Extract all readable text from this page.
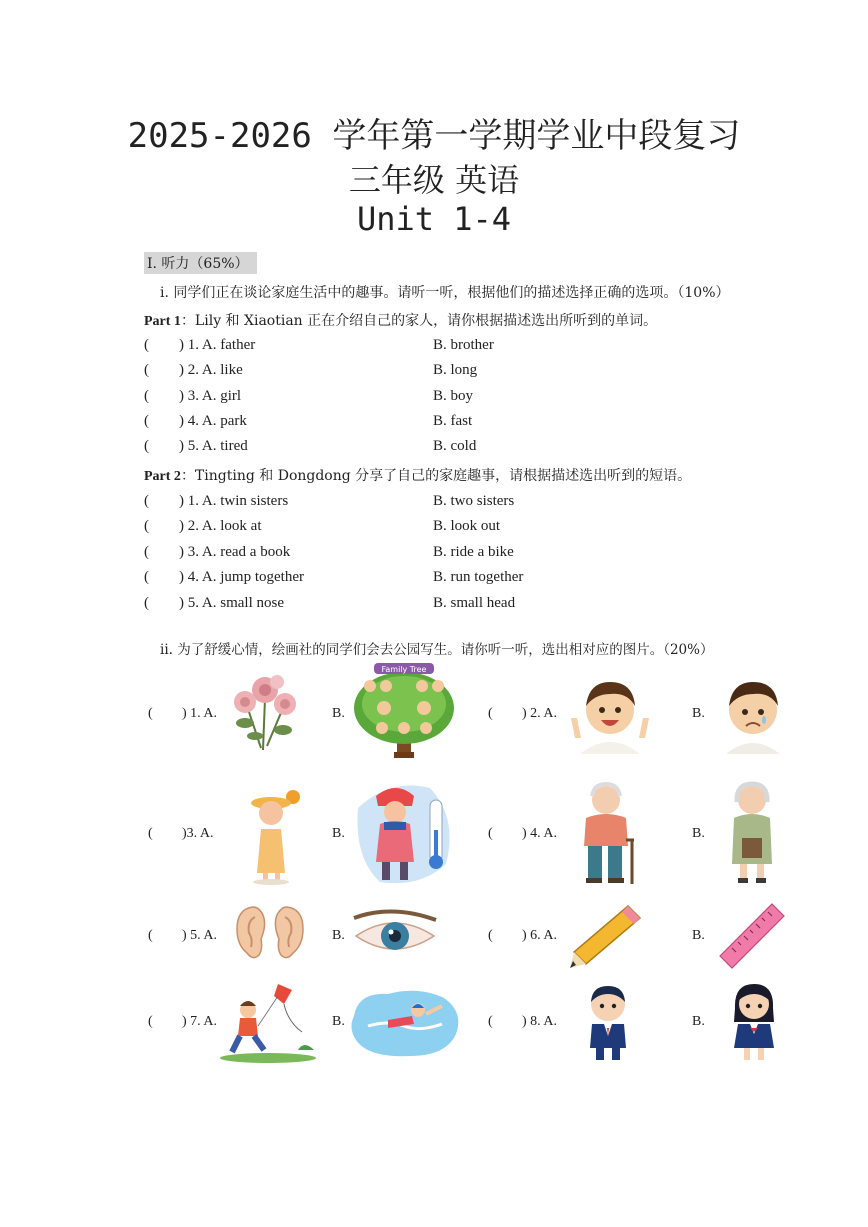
2025-2026 学年第一学期学业中段复习
三年级 英语
Unit 1-4
I. 听力（65%）
i. 同学们正在谈论家庭生活中的趣事。请听一听，根据他们的描述选择正确的选项。（10%）
Part 1：Lily 和 Xiaotian 正在介绍自己的家人，请你根据描述选出所听到的单词。
( ) 1. A. father	B. brother
( ) 2. A. like	B. long
( ) 3. A. girl	B. boy
( ) 4. A. park	B. fast
( ) 5. A. tired	B. cold
Part 2：Tingting 和 Dongdong 分享了自己的家庭趣事，请根据描述选出听到的短语。
( ) 1. A. twin sisters	B. two sisters
( ) 2. A. look at	B. look out
( ) 3. A. read a book	B. ride a bike
( ) 4. A. jump together	B. run together
( ) 5. A. small nose	B. small head
ii. 为了舒缓心情，绘画社的同学们会去公园写生。请你听一听，选出相对应的图片。（20%）
( ) 1. A.	B.
Family Tree
( ) 2. A.	B.
( )3. A.	B.	( ) 4. A.	B.
( ) 5. A.	B.	( ) 6. A.	B.
( ) 7. A.	B.	( ) 8. A.	B.
